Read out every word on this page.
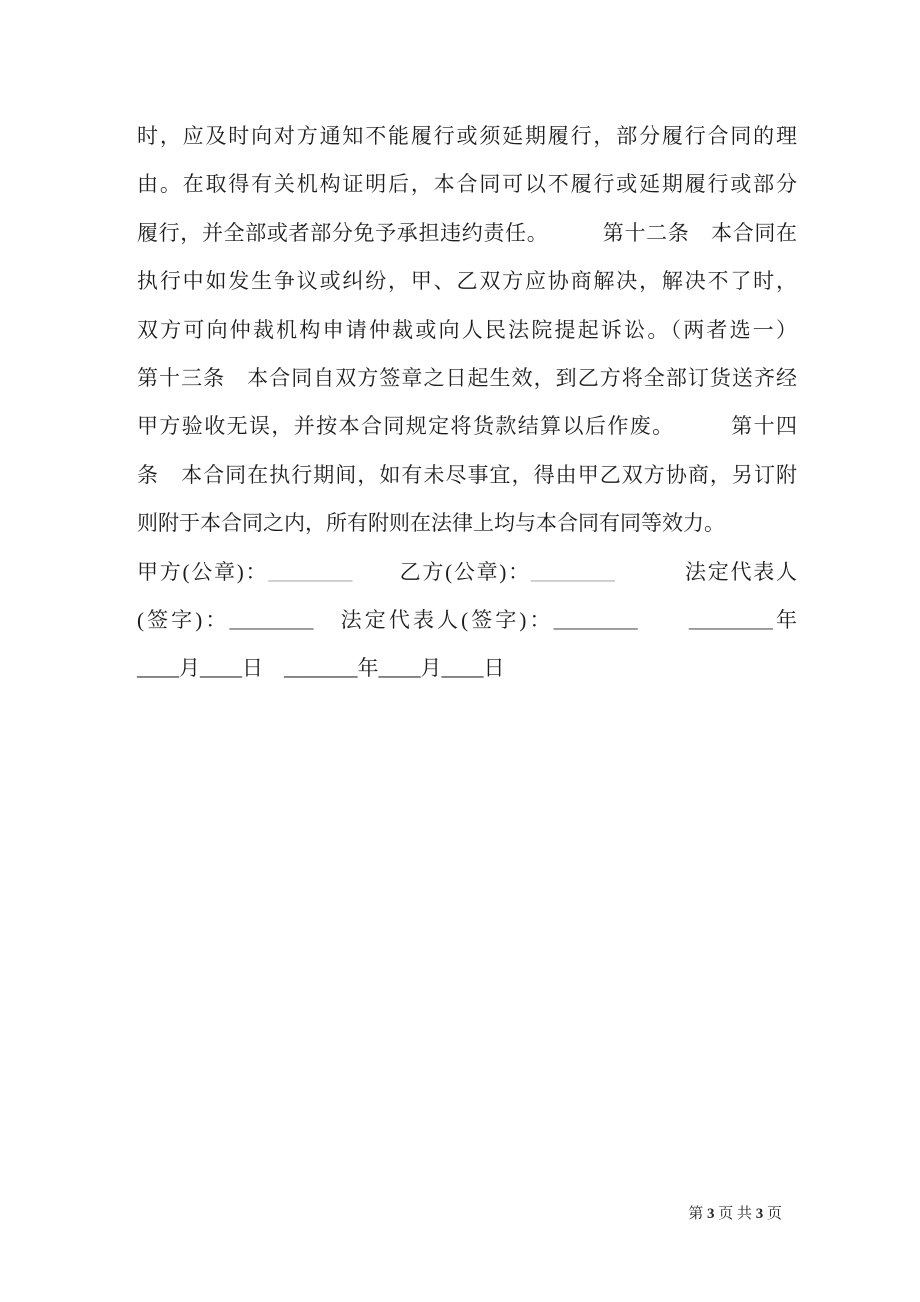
时，应及时向对方通知不能履行或须延期履行，部分履行合同的理

由。在取得有关机构证明后，本合同可以不履行或延期履行或部分

履行，并全部或者部分免予承担违约责任。　　　第十二条　本合同在

执行中如发生争议或纠纷，甲、乙双方应协商解决，解决不了时，

双方可向仲裁机构申请仲裁或向人民法院提起诉讼。（两者选一）

第十三条　本合同自双方签章之日起生效，到乙方将全部订货送齐经

甲方验收无误，并按本合同规定将货款结算以后作废。　　　第十四

条　本合同在执行期间，如有未尽事宜，得由甲乙双方协商，另订附

则附于本合同之内，所有附则在法律上均与本合同有同等效力。

甲方(公章)：________　　乙方(公章)：________　　　法定代表人

(签字)：________　法定代表人(签字)：________　　 ________年

____月____日　_______年____月____日

第 3 页 共 3 页
